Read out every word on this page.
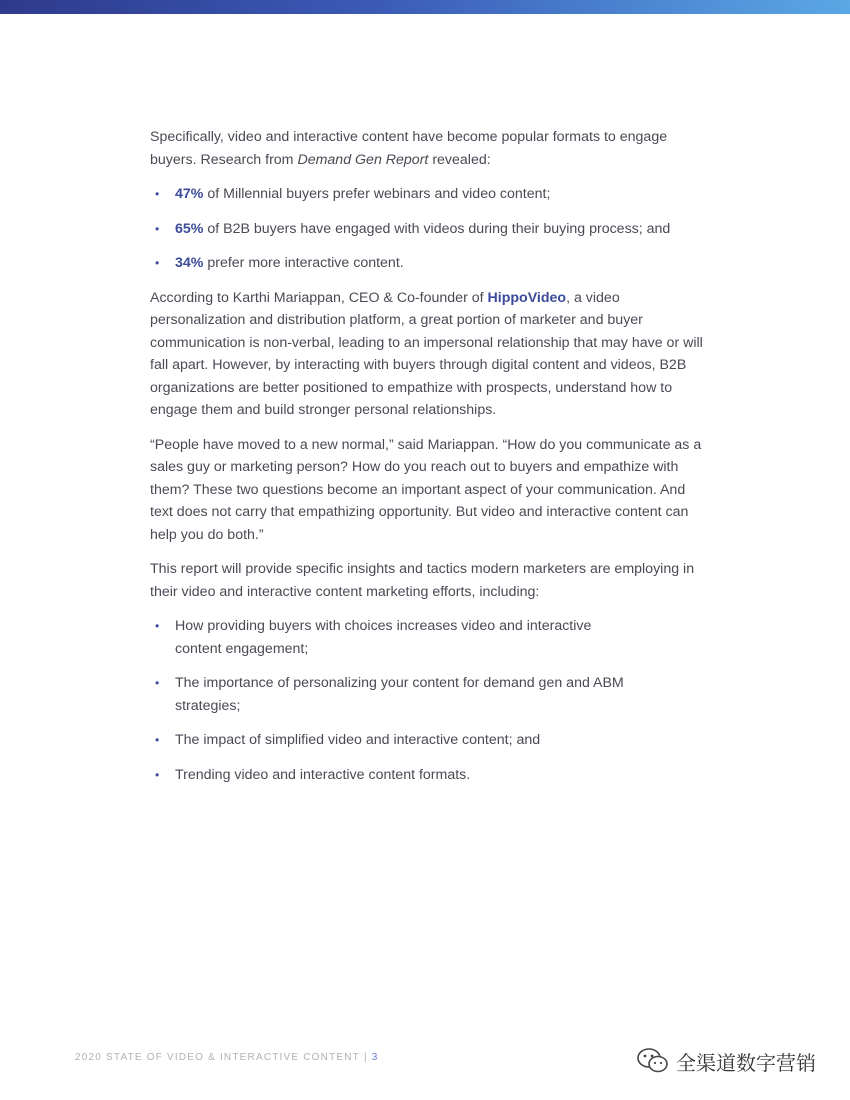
Specifically, video and interactive content have become popular formats to engage buyers. Research from Demand Gen Report revealed:

• 47% of Millennial buyers prefer webinars and video content;
• 65% of B2B buyers have engaged with videos during their buying process; and
• 34% prefer more interactive content.

According to Karthi Mariappan, CEO & Co-founder of HippoVideo, a video personalization and distribution platform, a great portion of marketer and buyer communication is non-verbal, leading to an impersonal relationship that may have or will fall apart. However, by interacting with buyers through digital content and videos, B2B organizations are better positioned to empathize with prospects, understand how to engage them and build stronger personal relationships.

“People have moved to a new normal,” said Mariappan. “How do you communicate as a sales guy or marketing person? How do you reach out to buyers and empathize with them? These two questions become an important aspect of your communication. And text does not carry that empathizing opportunity. But video and interactive content can help you do both.”

This report will provide specific insights and tactics modern marketers are employing in their video and interactive content marketing efforts, including:

• How providing buyers with choices increases video and interactive content engagement;
• The importance of personalizing your content for demand gen and ABM strategies;
• The impact of simplified video and interactive content; and
• Trending video and interactive content formats.
2020 STATE OF VIDEO & INTERACTIVE CONTENT | 3	全渠道数字营销
